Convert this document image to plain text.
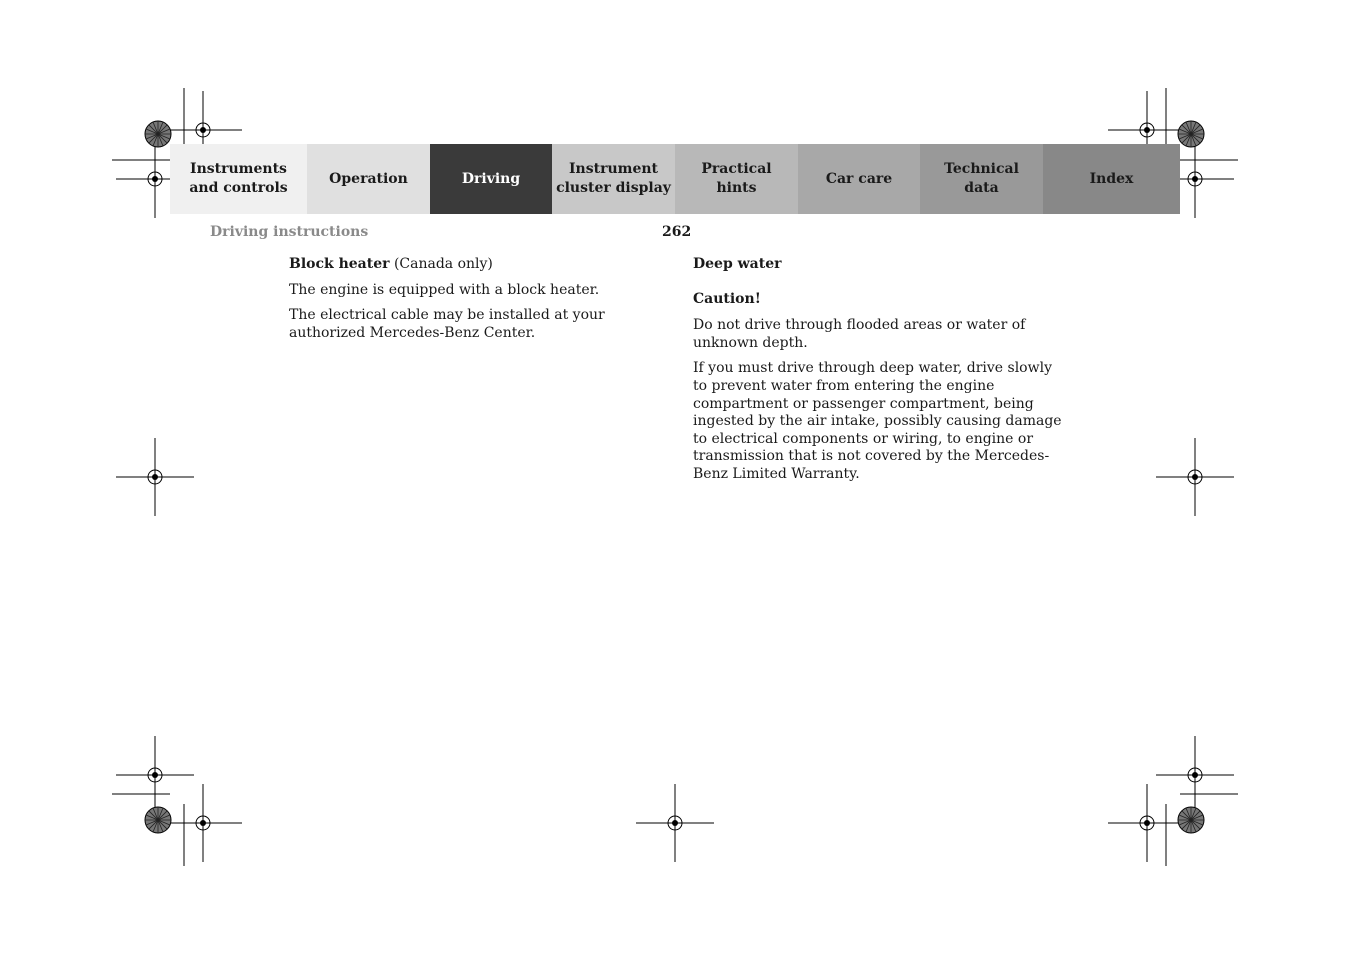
Instruments
and controls
Operation	Driving
Instrument
cluster display
Practical hints
Car care
Technical
data
Index
Driving instructions	262

Block heater (Canada only)

The engine is equipped with a block heater.

The electrical cable may be installed at your authorized Mercedes-Benz Center.

Deep water

Caution!

Do not drive through flooded areas or water of unknown depth.

If you must drive through deep water, drive slowly to prevent water from entering the engine compartment or passenger compartment, being ingested by the air intake, possibly causing damage to electrical components or wiring, to engine or transmission that is not covered by the Mercedes-Benz Limited Warranty.
